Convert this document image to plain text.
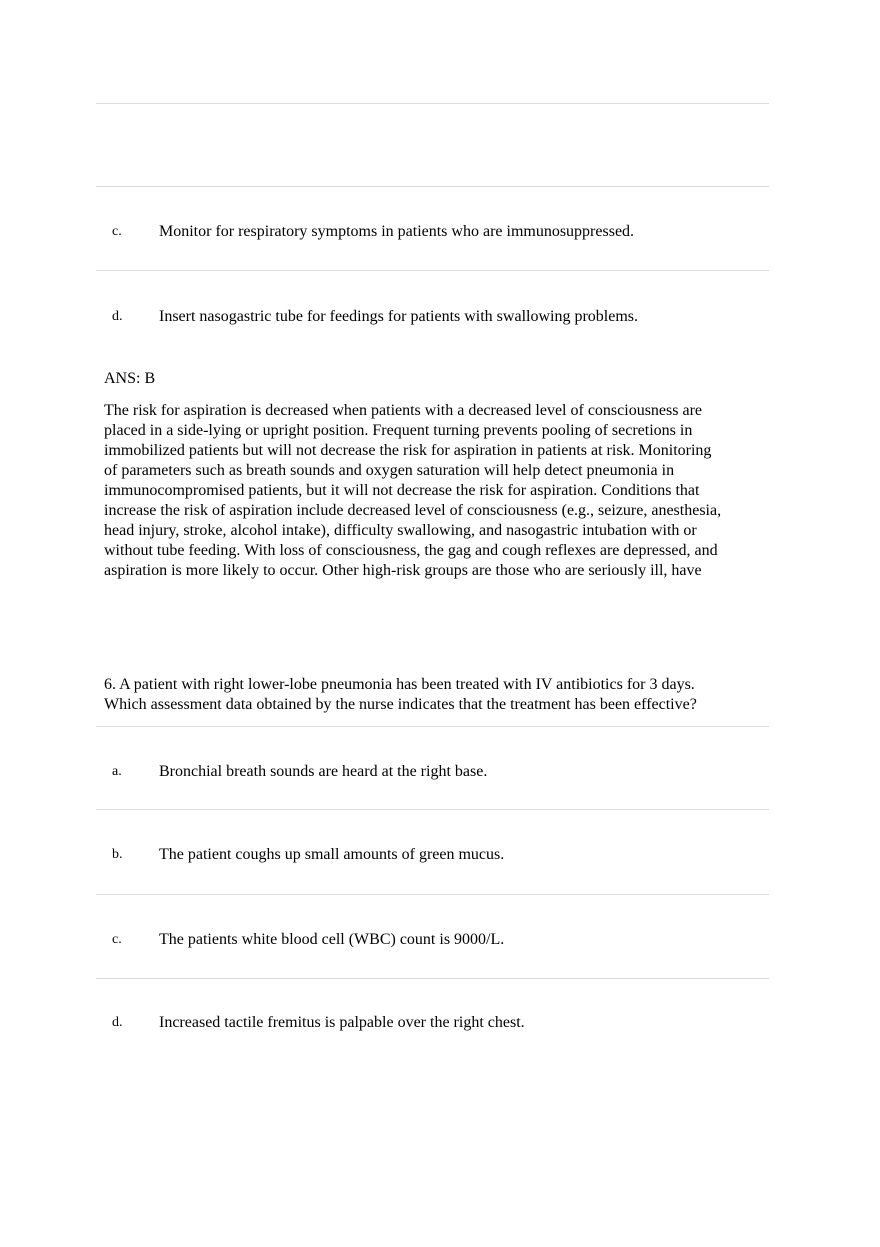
c. Monitor for respiratory symptoms in patients who are immunosuppressed.
d. Insert nasogastric tube for feedings for patients with swallowing problems.
ANS: B
The risk for aspiration is decreased when patients with a decreased level of consciousness are
placed in a side-lying or upright position. Frequent turning prevents pooling of secretions in
immobilized patients but will not decrease the risk for aspiration in patients at risk. Monitoring
of parameters such as breath sounds and oxygen saturation will help detect pneumonia in
immunocompromised patients, but it will not decrease the risk for aspiration. Conditions that
increase the risk of aspiration include decreased level of consciousness (e.g., seizure, anesthesia,
head injury, stroke, alcohol intake), difficulty swallowing, and nasogastric intubation with or
without tube feeding. With loss of consciousness, the gag and cough reflexes are depressed, and
aspiration is more likely to occur. Other high-risk groups are those who are seriously ill, have
6. A patient with right lower-lobe pneumonia has been treated with IV antibiotics for 3 days.
Which assessment data obtained by the nurse indicates that the treatment has been effective?
a. Bronchial breath sounds are heard at the right base.
b. The patient coughs up small amounts of green mucus.
c. The patients white blood cell (WBC) count is 9000/L.
d. Increased tactile fremitus is palpable over the right chest.
